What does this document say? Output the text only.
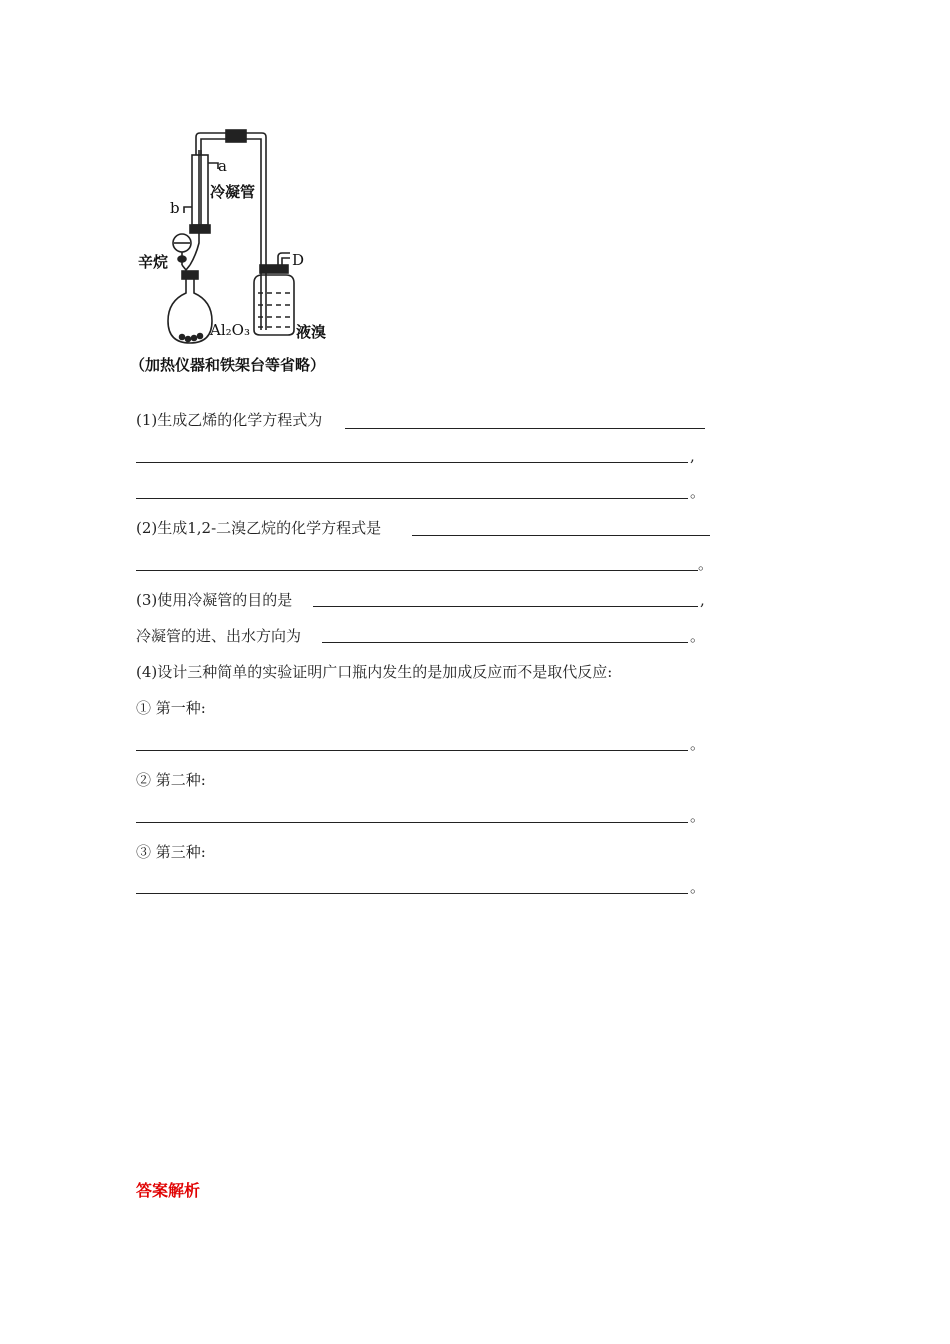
a
冷凝管
b
辛烷	D
Al₂O₃	液溴
（加热仪器和铁架台等省略）
(1)生成乙烯的化学方程式为
,
。
(2)生成1,2-二溴乙烷的化学方程式是
。
(3)使用冷凝管的目的是	,
冷凝管的进、出水方向为	。
(4)设计三种简单的实验证明广口瓶内发生的是加成反应而不是取代反应:
① 第一种:
。
② 第二种:
。
③ 第三种:
。
答案解析
